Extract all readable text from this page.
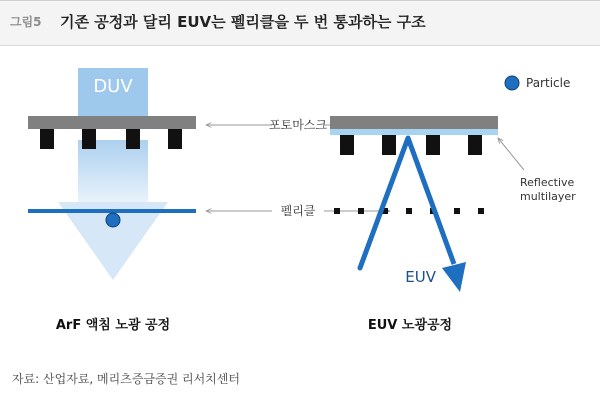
그림5 기존 공정과 달리 EUV는 펠리클을 두 번 통과하는 구조
DUV
ArF 액침 노광 공정
포토마스크
펠리클
EUV
Reflective
multilayer
EUV 노광공정
Particle
자료: 산업자료, 메리츠증금증권 리서치센터
